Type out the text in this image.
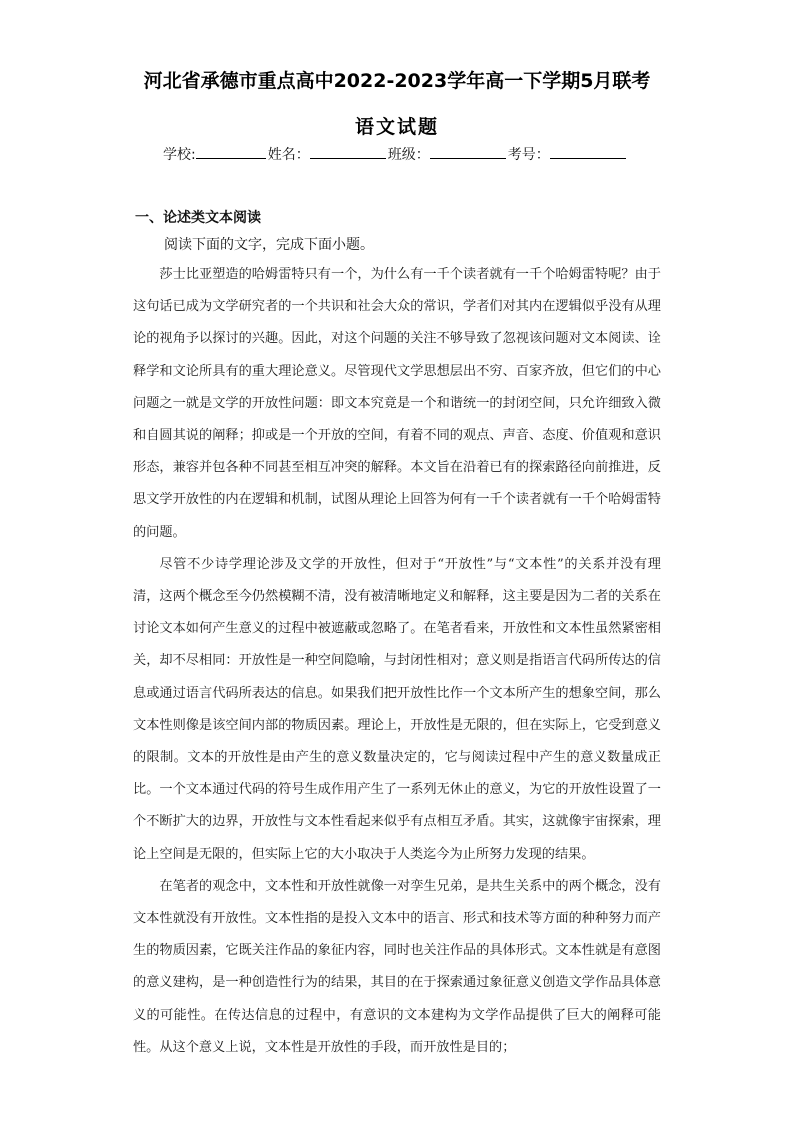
河北省承德市重点高中2022-2023学年高一下学期5月联考
语文试题
学校:	姓名：	班级：	考号：
一、论述类文本阅读
阅读下面的文字，完成下面小题。

莎士比亚塑造的哈姆雷特只有一个，为什么有一千个读者就有一千个哈姆雷特呢？由于这句话已成为文学研究者的一个共识和社会大众的常识，学者们对其内在逻辑似乎没有从理论的视角予以探讨的兴趣。因此，对这个问题的关注不够导致了忽视该问题对文本阅读、诠释学和文论所具有的重大理论意义。尽管现代文学思想层出不穷、百家齐放，但它们的中心问题之一就是文学的开放性问题：即文本究竟是一个和谐统一的封闭空间，只允许细致入微和自圆其说的阐释；抑或是一个开放的空间，有着不同的观点、声音、态度、价值观和意识形态，兼容并包各种不同甚至相互冲突的解释。本文旨在沿着已有的探索路径向前推进，反思文学开放性的内在逻辑和机制，试图从理论上回答为何有一千个读者就有一千个哈姆雷特的问题。

尽管不少诗学理论涉及文学的开放性，但对于“开放性”与“文本性”的关系并没有理清，这两个概念至今仍然模糊不清，没有被清晰地定义和解释，这主要是因为二者的关系在讨论文本如何产生意义的过程中被遮蔽或忽略了。在笔者看来，开放性和文本性虽然紧密相关，却不尽相同：开放性是一种空间隐喻，与封闭性相对；意义则是指语言代码所传达的信息或通过语言代码所表达的信息。如果我们把开放性比作一个文本所产生的想象空间，那么文本性则像是该空间内部的物质因素。理论上，开放性是无限的，但在实际上，它受到意义的限制。文本的开放性是由产生的意义数量决定的，它与阅读过程中产生的意义数量成正比。一个文本通过代码的符号生成作用产生了一系列无休止的意义，为它的开放性设置了一个不断扩大的边界，开放性与文本性看起来似乎有点相互矛盾。其实，这就像宇宙探索，理论上空间是无限的，但实际上它的大小取决于人类迄今为止所努力发现的结果。

在笔者的观念中，文本性和开放性就像一对孪生兄弟，是共生关系中的两个概念，没有文本性就没有开放性。文本性指的是投入文本中的语言、形式和技术等方面的种种努力而产生的物质因素，它既关注作品的象征内容，同时也关注作品的具体形式。文本性就是有意图的意义建构，是一种创造性行为的结果，其目的在于探索通过象征意义创造文学作品具体意义的可能性。在传达信息的过程中，有意识的文本建构为文学作品提供了巨大的阐释可能性。从这个意义上说，文本性是开放性的手段，而开放性是目的；
